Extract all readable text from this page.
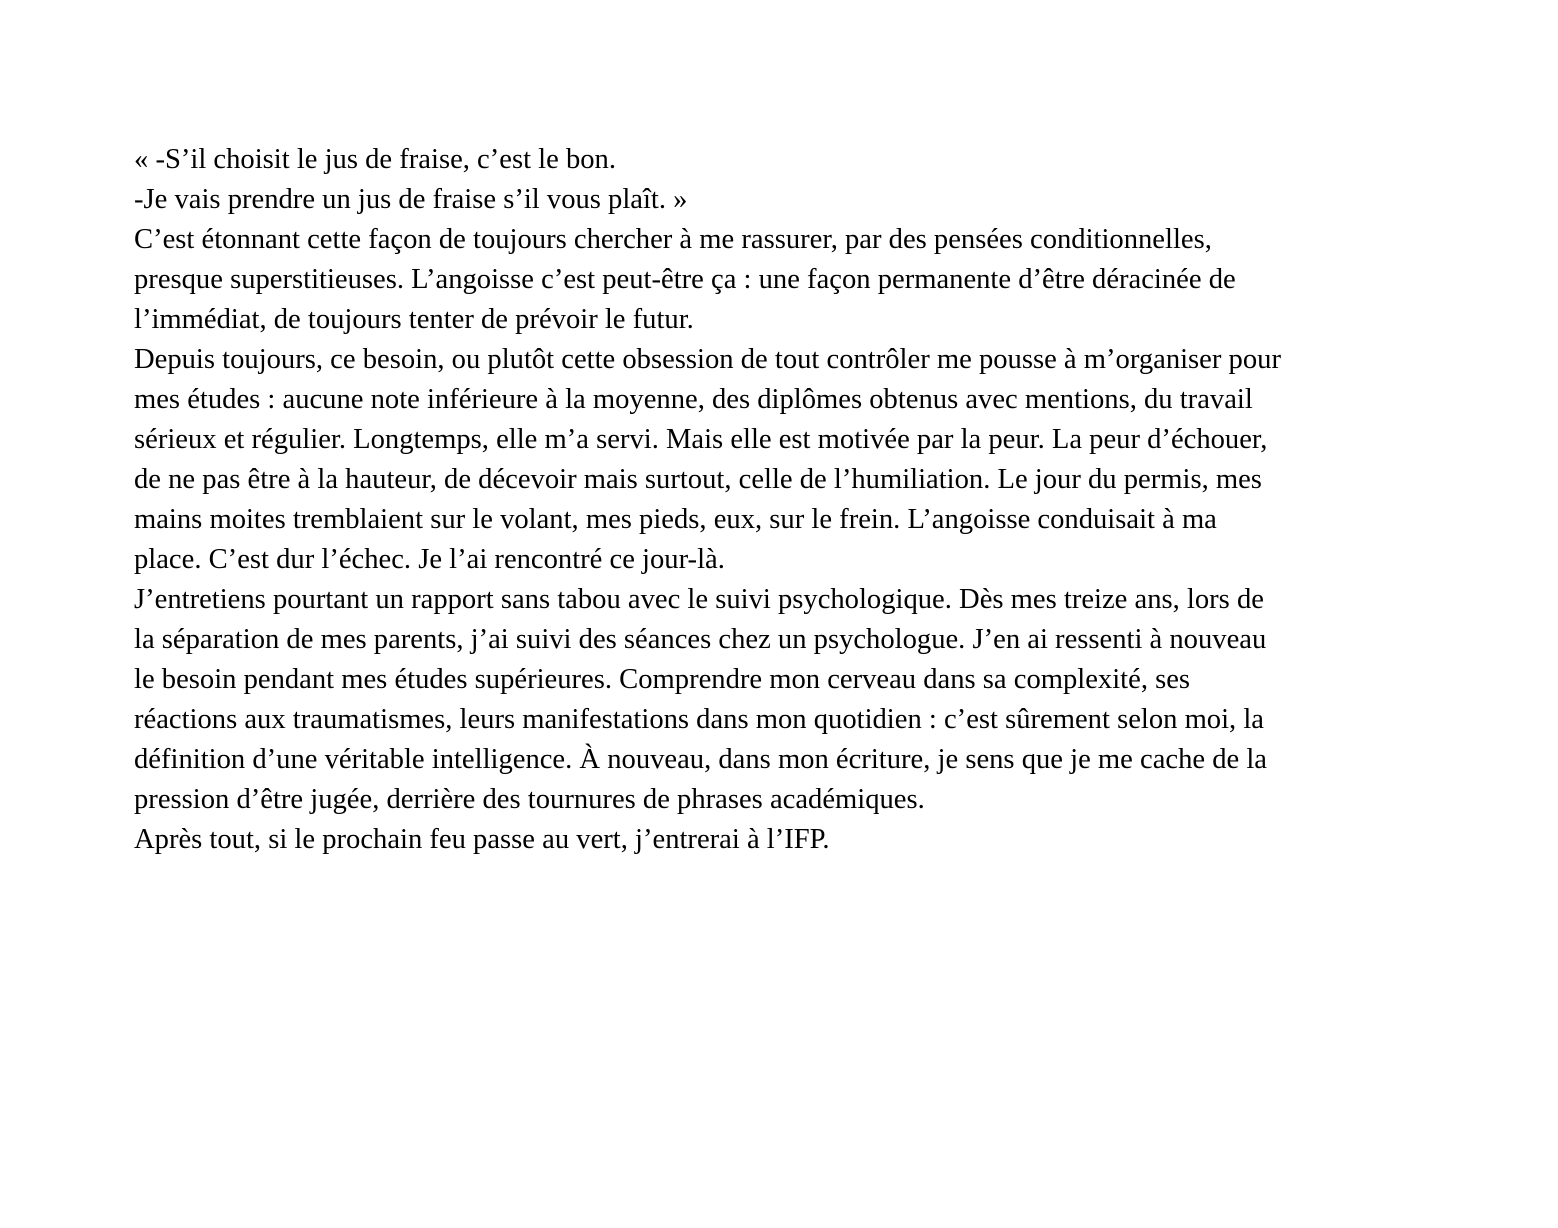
« -S’il choisit le jus de fraise, c’est le bon.
-Je vais prendre un jus de fraise s’il vous plaît. »
C’est étonnant cette façon de toujours chercher à me rassurer, par des pensées conditionnelles,
presque superstitieuses. L’angoisse c’est peut-être ça : une façon permanente d’être déracinée de
l’immédiat, de toujours tenter de prévoir le futur.
Depuis toujours, ce besoin, ou plutôt cette obsession de tout contrôler me pousse à m’organiser pour
mes études : aucune note inférieure à la moyenne, des diplômes obtenus avec mentions, du travail
sérieux et régulier. Longtemps, elle m’a servi. Mais elle est motivée par la peur. La peur d’échouer,
de ne pas être à la hauteur, de décevoir mais surtout, celle de l’humiliation. Le jour du permis, mes
mains moites tremblaient sur le volant, mes pieds, eux, sur le frein. L’angoisse conduisait à ma
place. C’est dur l’échec. Je l’ai rencontré ce jour-là.
J’entretiens pourtant un rapport sans tabou avec le suivi psychologique. Dès mes treize ans, lors de
la séparation de mes parents, j’ai suivi des séances chez un psychologue. J’en ai ressenti à nouveau
le besoin pendant mes études supérieures. Comprendre mon cerveau dans sa complexité, ses
réactions aux traumatismes, leurs manifestations dans mon quotidien : c’est sûrement selon moi, la
définition d’une véritable intelligence. À nouveau, dans mon écriture, je sens que je me cache de la
pression d’être jugée, derrière des tournures de phrases académiques.
Après tout, si le prochain feu passe au vert, j’entrerai à l’IFP.
